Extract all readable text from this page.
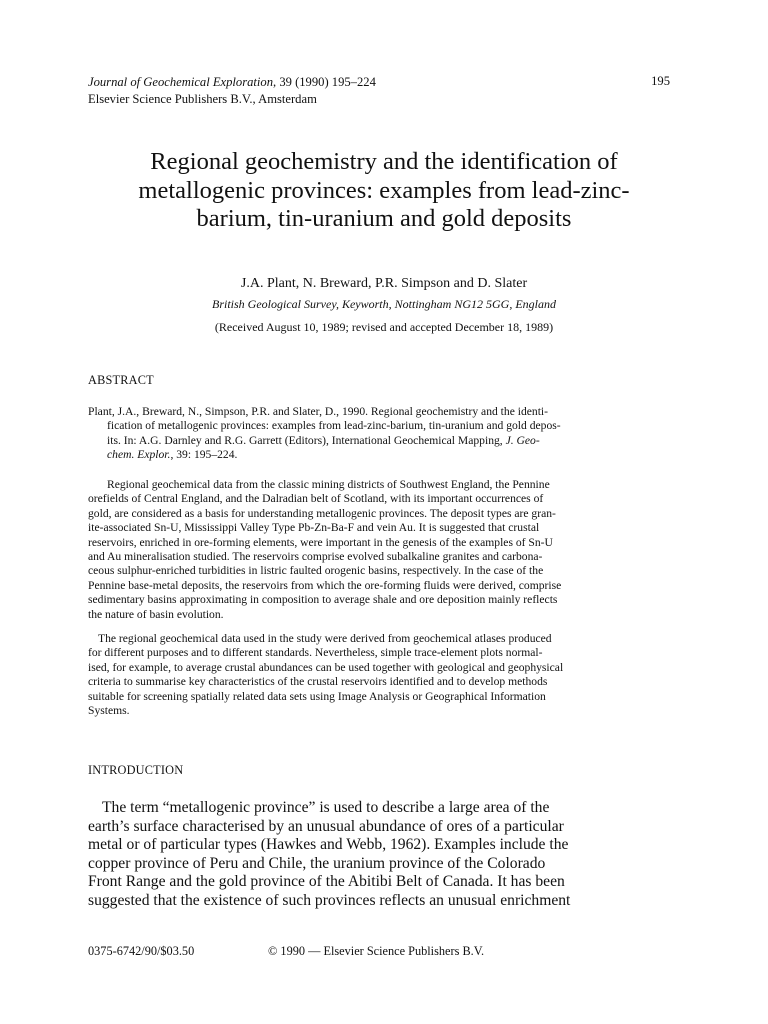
Journal of Geochemical Exploration, 39 (1990) 195–224
Elsevier Science Publishers B.V., Amsterdam
195
Regional geochemistry and the identification of
metallogenic provinces: examples from lead-zinc-
barium, tin-uranium and gold deposits
J.A. Plant, N. Breward, P.R. Simpson and D. Slater
British Geological Survey, Keyworth, Nottingham NG12 5GG, England
(Received August 10, 1989; revised and accepted December 18, 1989)
ABSTRACT
Plant, J.A., Breward, N., Simpson, P.R. and Slater, D., 1990. Regional geochemistry and the identi-
fication of metallogenic provinces: examples from lead-zinc-barium, tin-uranium and gold depos-
its. In: A.G. Darnley and R.G. Garrett (Editors), International Geochemical Mapping, J. Geo-
chem. Explor., 39: 195–224.
Regional geochemical data from the classic mining districts of Southwest England, the Pennine
orefields of Central England, and the Dalradian belt of Scotland, with its important occurrences of
gold, are considered as a basis for understanding metallogenic provinces. The deposit types are gran-
ite-associated Sn-U, Mississippi Valley Type Pb-Zn-Ba-F and vein Au. It is suggested that crustal
reservoirs, enriched in ore-forming elements, were important in the genesis of the examples of Sn-U
and Au mineralisation studied. The reservoirs comprise evolved subalkaline granites and carbona-
ceous sulphur-enriched turbidities in listric faulted orogenic basins, respectively. In the case of the
Pennine base-metal deposits, the reservoirs from which the ore-forming fluids were derived, comprise
sedimentary basins approximating in composition to average shale and ore deposition mainly reflects
the nature of basin evolution.
The regional geochemical data used in the study were derived from geochemical atlases produced
for different purposes and to different standards. Nevertheless, simple trace-element plots normal-
ised, for example, to average crustal abundances can be used together with geological and geophysical
criteria to summarise key characteristics of the crustal reservoirs identified and to develop methods
suitable for screening spatially related data sets using Image Analysis or Geographical Information
Systems.
INTRODUCTION
The term “metallogenic province” is used to describe a large area of the
earth’s surface characterised by an unusual abundance of ores of a particular
metal or of particular types (Hawkes and Webb, 1962). Examples include the
copper province of Peru and Chile, the uranium province of the Colorado
Front Range and the gold province of the Abitibi Belt of Canada. It has been
suggested that the existence of such provinces reflects an unusual enrichment
0375-6742/90/$03.50	© 1990 — Elsevier Science Publishers B.V.
